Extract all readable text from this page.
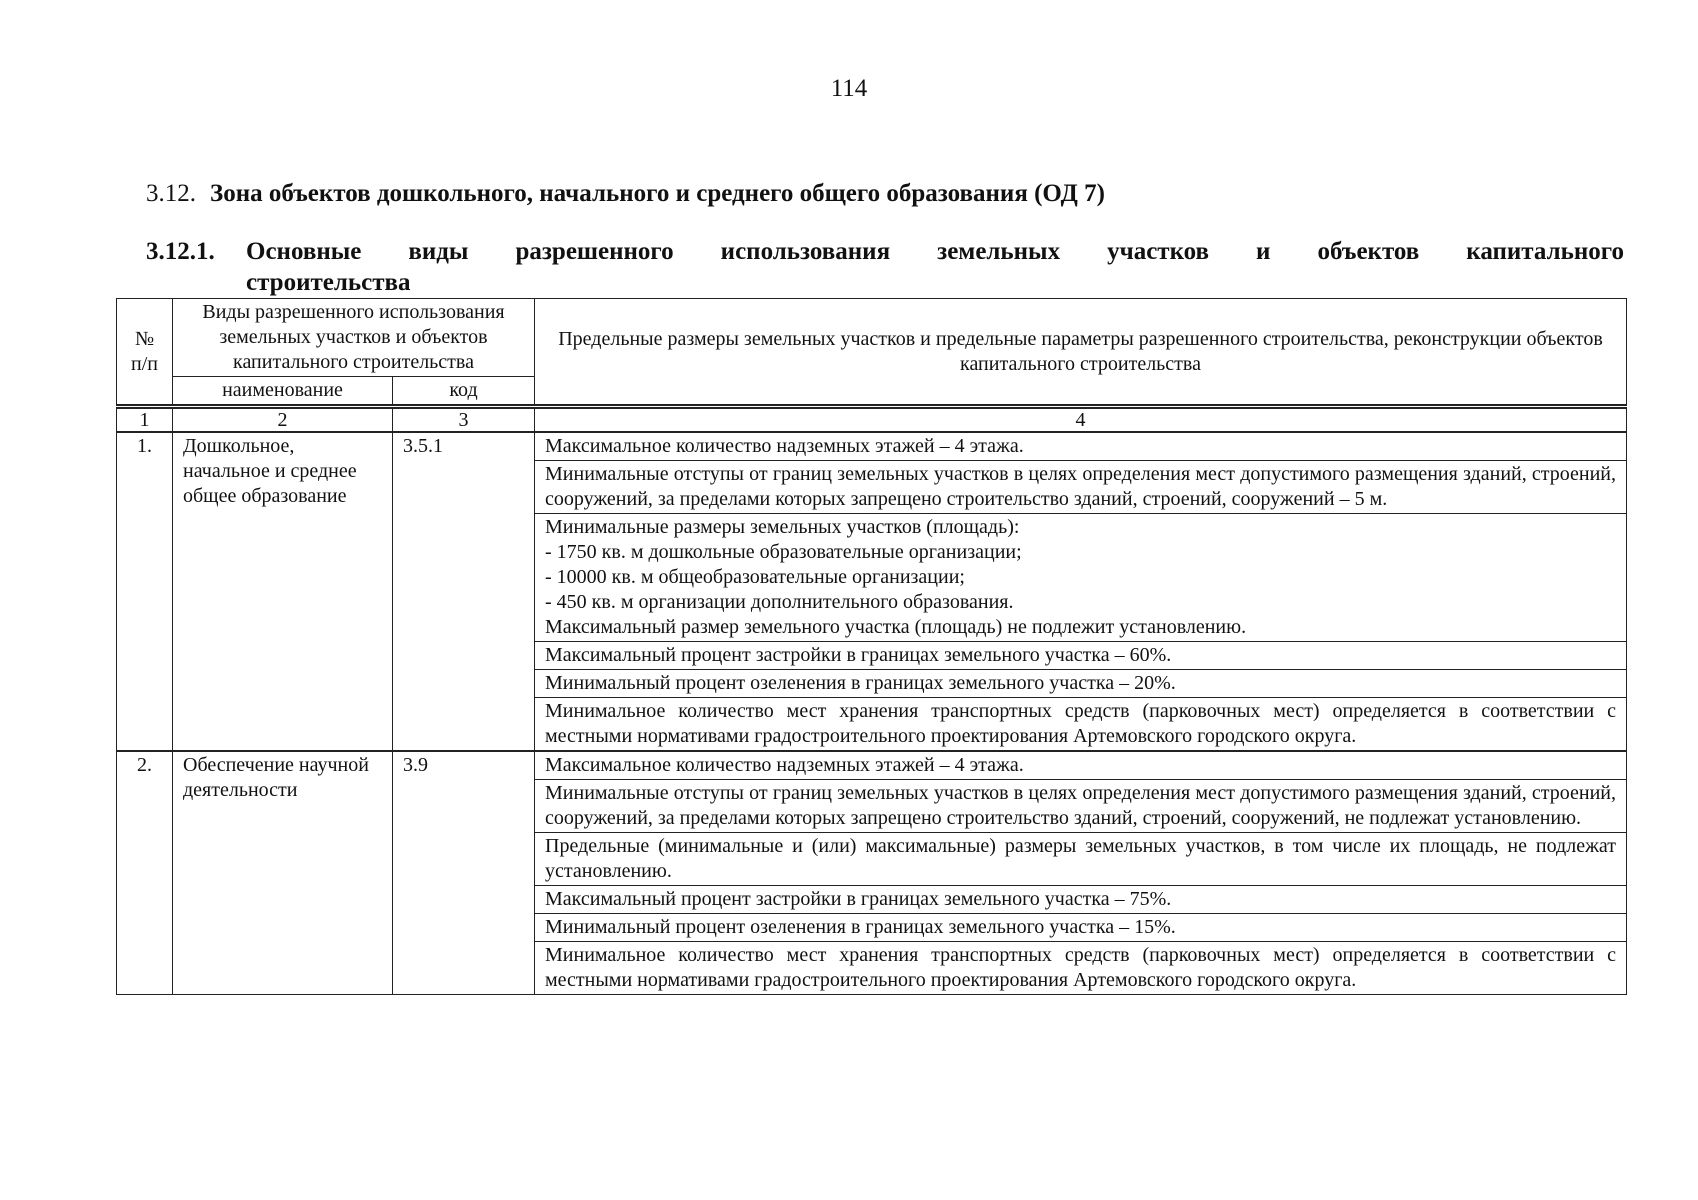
114
3.12. Зона объектов дошкольного, начального и среднего общего образования (ОД 7)
3.12.1. Основные виды разрешенного использования земельных участков и объектов капитального
строительства
№ п/п	Виды разрешенного использования земельных участков и объектов капитального строительства		Предельные размеры земельных участков и предельные параметры разрешенного строительства, реконструкции объектов капитального строительства
	наименование	код	
1	2	3	4
1.	Дошкольное, начальное и среднее общее образование	3.5.1	Максимальное количество надземных этажей – 4 этажа.
			Минимальные отступы от границ земельных участков в целях определения мест допустимого размещения зданий, строений, сооружений, за пределами которых запрещено строительство зданий, строений, сооружений – 5 м.
			Минимальные размеры земельных участков (площадь):
- 1750 кв. м дошкольные образовательные организации;
- 10000 кв. м общеобразовательные организации;
- 450 кв. м организации дополнительного образования.
Максимальный размер земельного участка (площадь) не подлежит установлению.
			Максимальный процент застройки в границах земельного участка – 60%.
			Минимальный процент озеленения в границах земельного участка – 20%.
			Минимальное количество мест хранения транспортных средств (парковочных мест) определяется в соответствии с местными нормативами градостроительного проектирования Артемовского городского округа.
2.	Обеспечение научной деятельности	3.9	Максимальное количество надземных этажей – 4 этажа.
			Минимальные отступы от границ земельных участков в целях определения мест допустимого размещения зданий, строений, сооружений, за пределами которых запрещено строительство зданий, строений, сооружений, не подлежат установлению.
			Предельные (минимальные и (или) максимальные) размеры земельных участков, в том числе их площадь, не подлежат установлению.
			Максимальный процент застройки в границах земельного участка – 75%.
			Минимальный процент озеленения в границах земельного участка – 15%.
			Минимальное количество мест хранения транспортных средств (парковочных мест) определяется в соответствии с местными нормативами градостроительного проектирования Артемовского городского округа.
